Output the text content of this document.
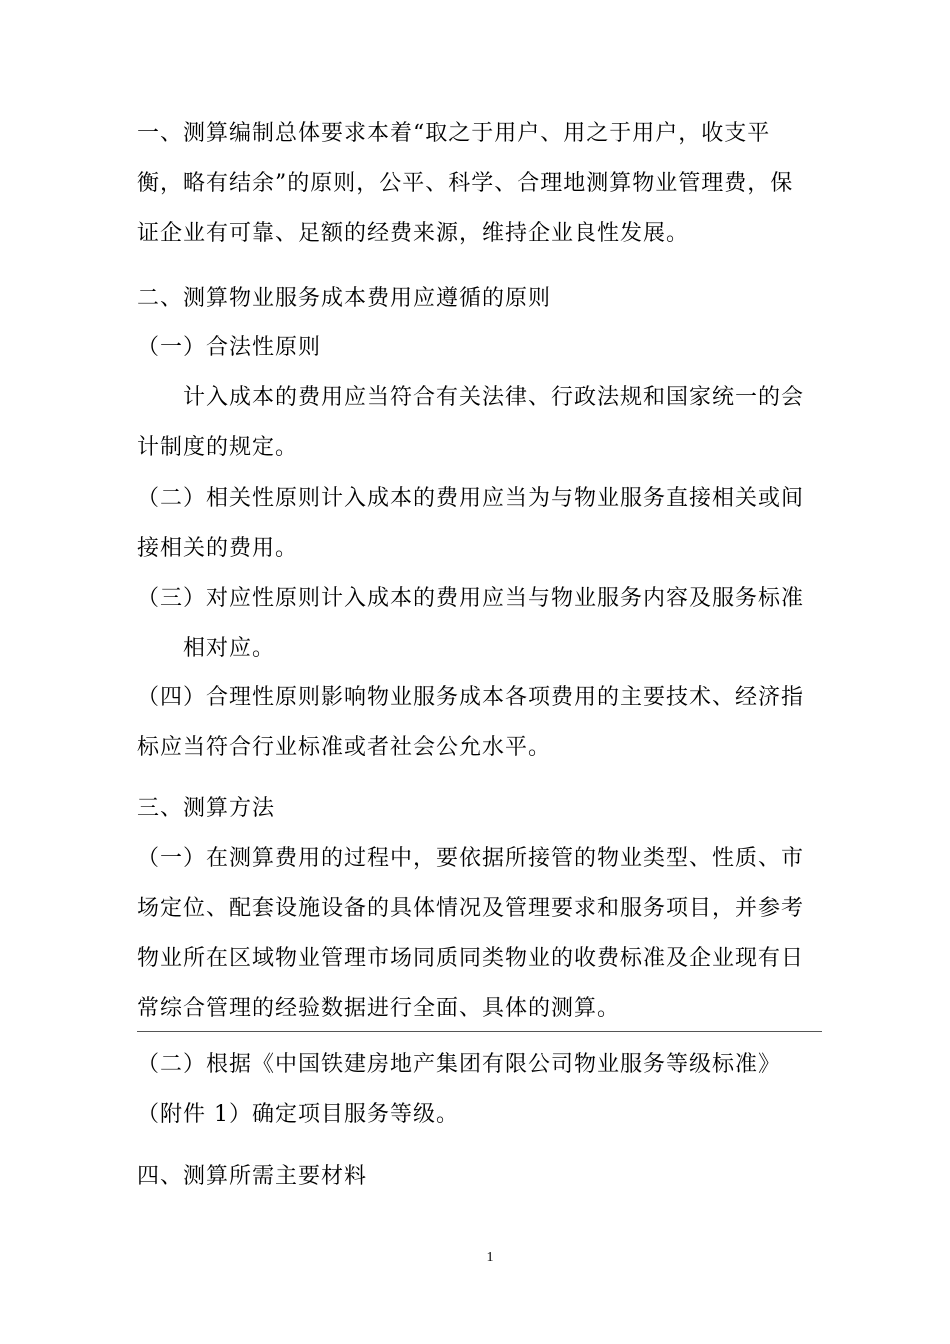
一、测算编制总体要求本着“取之于用户、用之于用户，收支平
衡，略有结余”的原则，公平、科学、合理地测算物业管理费，保
证企业有可靠、足额的经费来源，维持企业良性发展。
二、测算物业服务成本费用应遵循的原则
（一）合法性原则
计入成本的费用应当符合有关法律、行政法规和国家统一的会
计制度的规定。
（二）相关性原则计入成本的费用应当为与物业服务直接相关或间
接相关的费用。
（三）对应性原则计入成本的费用应当与物业服务内容及服务标准
相对应。
（四）合理性原则影响物业服务成本各项费用的主要技术、经济指
标应当符合行业标准或者社会公允水平。
三、测算方法
（一）在测算费用的过程中，要依据所接管的物业类型、性质、市
场定位、配套设施设备的具体情况及管理要求和服务项目，并参考
物业所在区域物业管理市场同质同类物业的收费标准及企业现有日
常综合管理的经验数据进行全面、具体的测算。
（二）根据《中国铁建房地产集团有限公司物业服务等级标准》
（附件 1）确定项目服务等级。
四、测算所需主要材料
1
